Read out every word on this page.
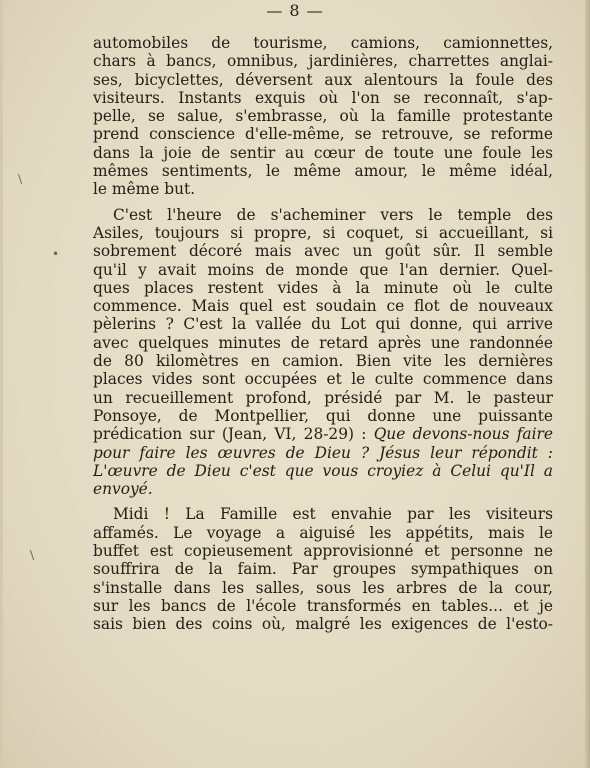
— 8 —
\
•
\
automobiles de tourisme, camions, camionnettes,
chars à bancs, omnibus, jardinières, charrettes anglai-
ses, bicyclettes, déversent aux alentours la foule des
visiteurs. Instants exquis où l'on se reconnaît, s'ap-
pelle, se salue, s'embrasse, où la famille protestante
prend conscience d'elle-même, se retrouve, se reforme
dans la joie de sentir au cœur de toute une foule les
mêmes sentiments, le même amour, le même idéal,
le même but.
C'est l'heure de s'acheminer vers le temple des
Asiles, toujours si propre, si coquet, si accueillant, si
sobrement décoré mais avec un goût sûr. Il semble
qu'il y avait moins de monde que l'an dernier. Quel-
ques places restent vides à la minute où le culte
commence. Mais quel est soudain ce flot de nouveaux
pèlerins ? C'est la vallée du Lot qui donne, qui arrive
avec quelques minutes de retard après une randonnée
de 80 kilomètres en camion. Bien vite les dernières
places vides sont occupées et le culte commence dans
un recueillement profond, présidé par M. le pasteur
Ponsoye, de Montpellier, qui donne une puissante
prédication sur (Jean, VI, 28-29) : Que devons-nous faire
pour faire les œuvres de Dieu ? Jésus leur répondit :
L'œuvre de Dieu c'est que vous croyiez à Celui qu'Il a
envoyé.
Midi ! La Famille est envahie par les visiteurs
affamés. Le voyage a aiguisé les appétits, mais le
buffet est copieusement approvisionné et personne ne
souffrira de la faim. Par groupes sympathiques on
s'installe dans les salles, sous les arbres de la cour,
sur les bancs de l'école transformés en tables... et je
sais bien des coins où, malgré les exigences de l'esto-
